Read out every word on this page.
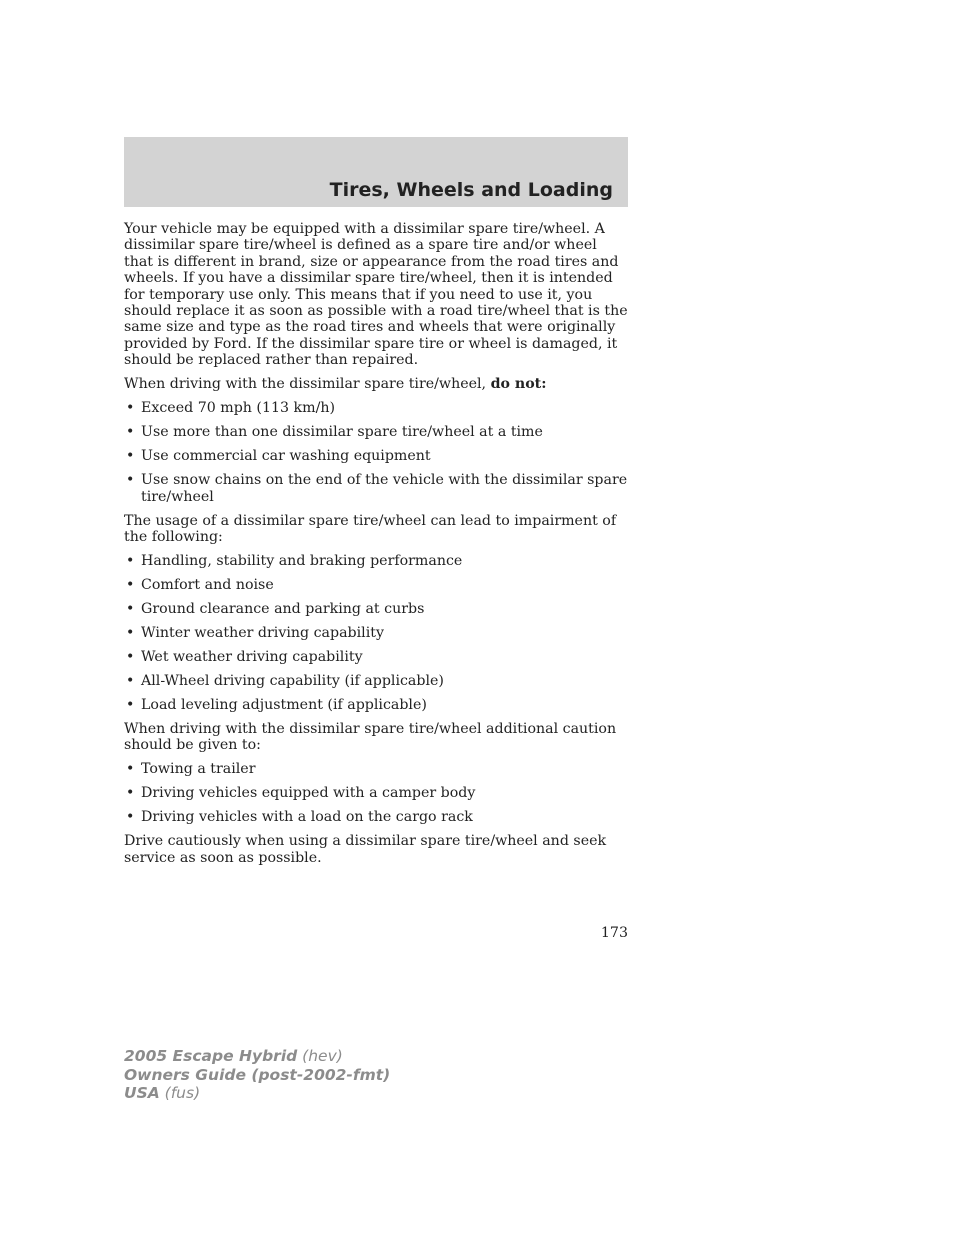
Tires, Wheels and Loading

Your vehicle may be equipped with a dissimilar spare tire/wheel. A dissimilar spare tire/wheel is defined as a spare tire and/or wheel that is different in brand, size or appearance from the road tires and wheels. If you have a dissimilar spare tire/wheel, then it is intended for temporary use only. This means that if you need to use it, you should replace it as soon as possible with a road tire/wheel that is the same size and type as the road tires and wheels that were originally provided by Ford. If the dissimilar spare tire or wheel is damaged, it should be replaced rather than repaired.

When driving with the dissimilar spare tire/wheel, do not:

• Exceed 70 mph (113 km/h)
• Use more than one dissimilar spare tire/wheel at a time
• Use commercial car washing equipment
• Use snow chains on the end of the vehicle with the dissimilar spare tire/wheel

The usage of a dissimilar spare tire/wheel can lead to impairment of the following:

• Handling, stability and braking performance
• Comfort and noise
• Ground clearance and parking at curbs
• Winter weather driving capability
• Wet weather driving capability
• All-Wheel driving capability (if applicable)
• Load leveling adjustment (if applicable)

When driving with the dissimilar spare tire/wheel additional caution should be given to:

• Towing a trailer
• Driving vehicles equipped with a camper body
• Driving vehicles with a load on the cargo rack

Drive cautiously when using a dissimilar spare tire/wheel and seek service as soon as possible.

173
2005 Escape Hybrid (hev)
Owners Guide (post-2002-fmt)
USA (fus)
